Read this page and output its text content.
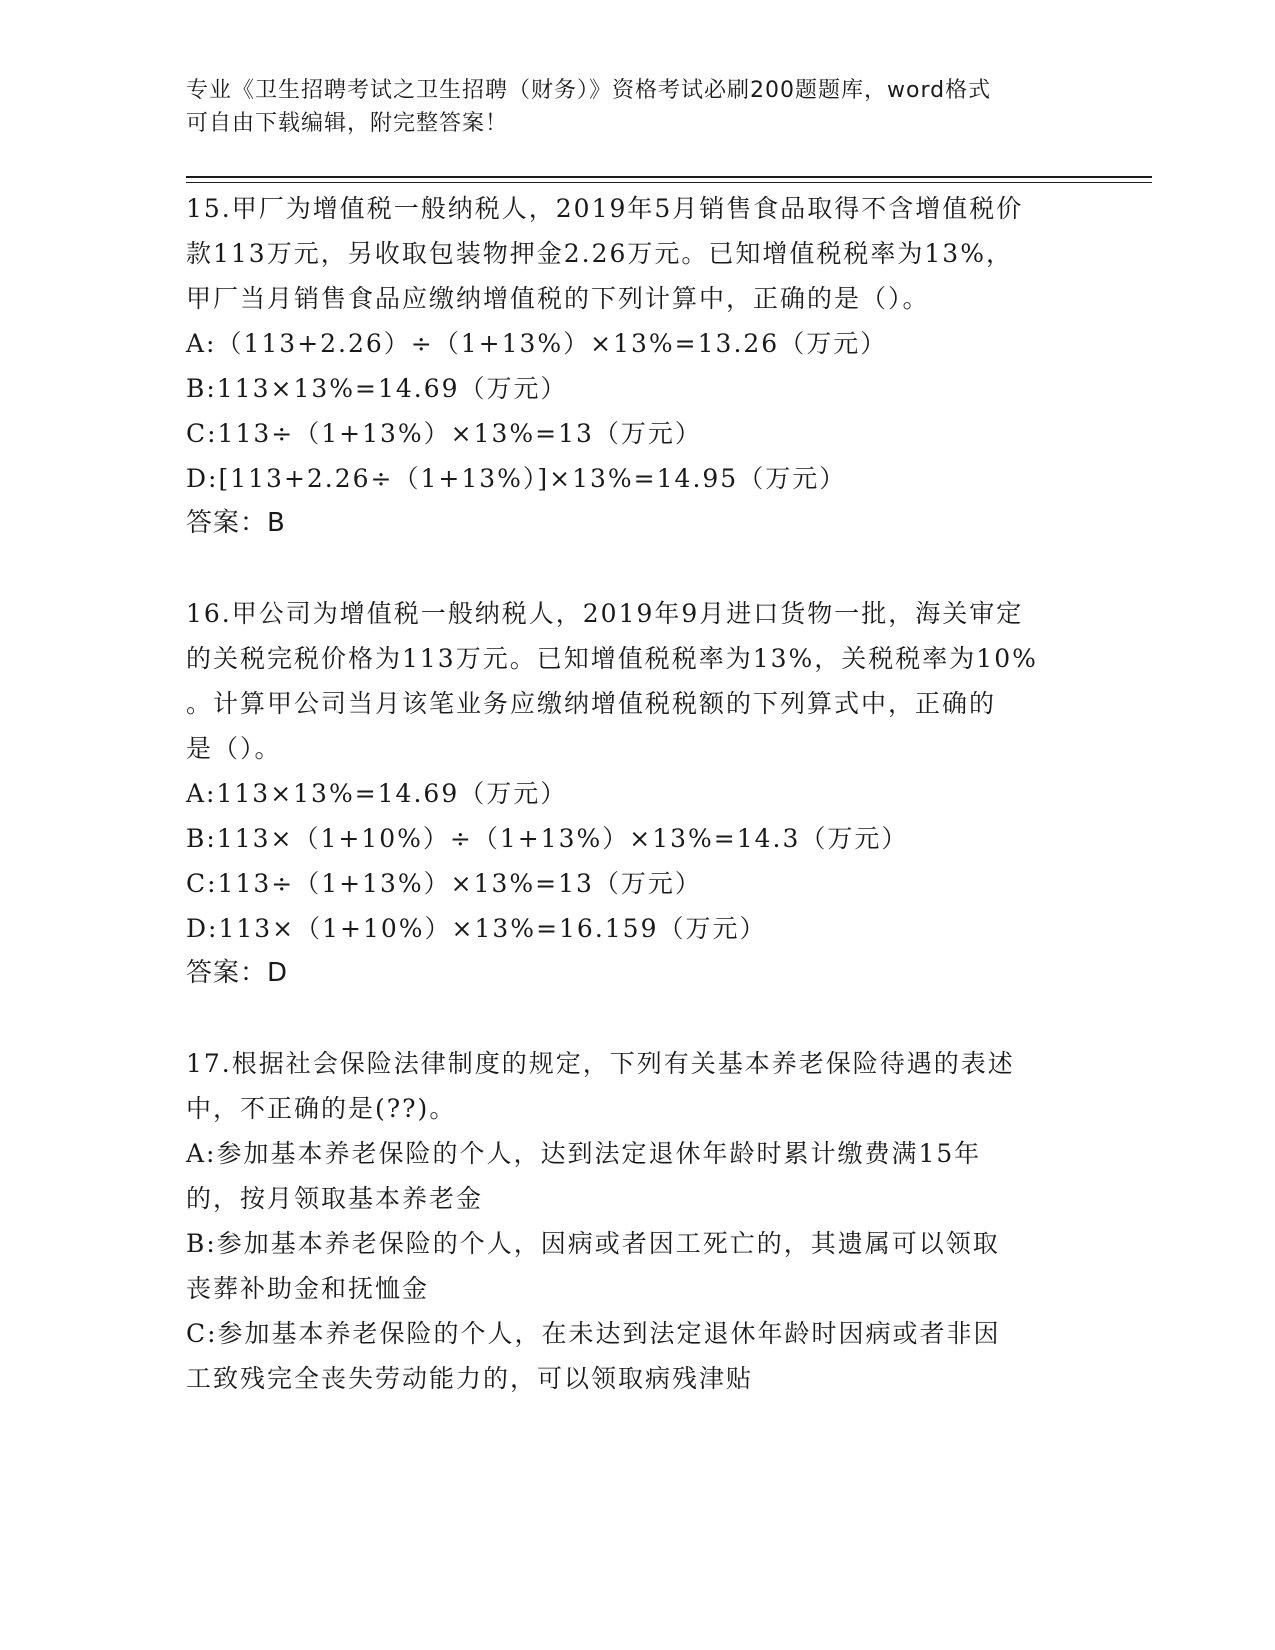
专业《卫生招聘考试之卫生招聘（财务）》资格考试必刷200题题库，word格式
可自由下载编辑，附完整答案！

15.甲厂为增值税一般纳税人，2019年5月销售食品取得不含增值税价

款113万元，另收取包装物押金2.26万元。已知增值税税率为13%，

甲厂当月销售食品应缴纳增值税的下列计算中，正确的是（）。

A:（113+2.26）÷（1+13%）×13%=13.26（万元）

B:113×13%=14.69（万元）

C:113÷（1+13%）×13%=13（万元）

D:[113+2.26÷（1+13%）]×13%=14.95（万元）

答案：B

16.甲公司为增值税一般纳税人，2019年9月进口货物一批，海关审定

的关税完税价格为113万元。已知增值税税率为13%，关税税率为10%

。计算甲公司当月该笔业务应缴纳增值税税额的下列算式中，正确的

是（）。

A:113×13%=14.69（万元）

B:113×（1+10%）÷（1+13%）×13%=14.3（万元）

C:113÷（1+13%）×13%=13（万元）

D:113×（1+10%）×13%=16.159（万元）

答案：D

17.根据社会保险法律制度的规定，下列有关基本养老保险待遇的表述

中，不正确的是(??)。

A:参加基本养老保险的个人，达到法定退休年龄时累计缴费满15年

的，按月领取基本养老金

B:参加基本养老保险的个人，因病或者因工死亡的，其遗属可以领取

丧葬补助金和抚恤金

C:参加基本养老保险的个人，在未达到法定退休年龄时因病或者非因

工致残完全丧失劳动能力的，可以领取病残津贴
